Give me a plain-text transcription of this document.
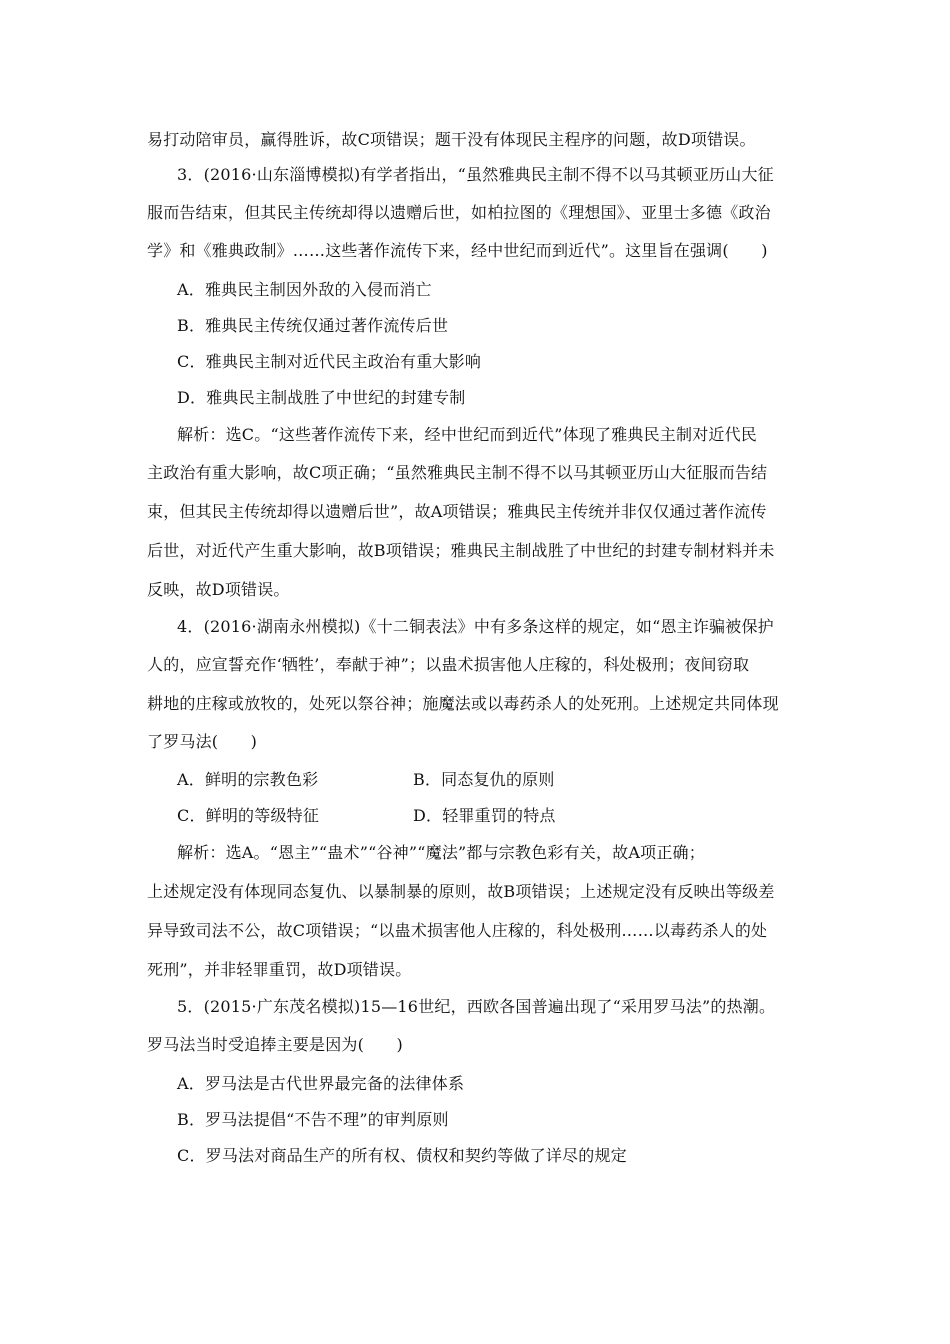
易打动陪审员，赢得胜诉，故C项错误；题干没有体现民主程序的问题，故D项错误。
3．(2016·山东淄博模拟)有学者指出，“虽然雅典民主制不得不以马其顿亚历山大征
服而告结束，但其民主传统却得以遗赠后世，如柏拉图的《理想国》、亚里士多德《政治
学》和《雅典政制》……这些著作流传下来，经中世纪而到近代”。这里旨在强调(　　)
A．雅典民主制因外敌的入侵而消亡
B．雅典民主传统仅通过著作流传后世
C．雅典民主制对近代民主政治有重大影响
D．雅典民主制战胜了中世纪的封建专制
解析：选C。“这些著作流传下来，经中世纪而到近代”体现了雅典民主制对近代民
主政治有重大影响，故C项正确；“虽然雅典民主制不得不以马其顿亚历山大征服而告结
束，但其民主传统却得以遗赠后世”，故A项错误；雅典民主传统并非仅仅通过著作流传
后世，对近代产生重大影响，故B项错误；雅典民主制战胜了中世纪的封建专制材料并未
反映，故D项错误。
4．(2016·湖南永州模拟)《十二铜表法》中有多条这样的规定，如“恩主诈骗被保护
人的，应宣誓充作‘牺牲’，奉献于神”；以蛊术损害他人庄稼的，科处极刑；夜间窃取
耕地的庄稼或放牧的，处死以祭谷神；施魔法或以毒药杀人的处死刑。上述规定共同体现
了罗马法(　　)
A．鲜明的宗教色彩	B．同态复仇的原则
C．鲜明的等级特征	D．轻罪重罚的特点
解析：选A。“恩主”“蛊术”“谷神”“魔法”都与宗教色彩有关，故A项正确；
上述规定没有体现同态复仇、以暴制暴的原则，故B项错误；上述规定没有反映出等级差
异导致司法不公，故C项错误；“以蛊术损害他人庄稼的，科处极刑……以毒药杀人的处
死刑”，并非轻罪重罚，故D项错误。
5．(2015·广东茂名模拟)15—16世纪，西欧各国普遍出现了“采用罗马法”的热潮。
罗马法当时受追捧主要是因为(　　)
A．罗马法是古代世界最完备的法律体系
B．罗马法提倡“不告不理”的审判原则
C．罗马法对商品生产的所有权、债权和契约等做了详尽的规定
